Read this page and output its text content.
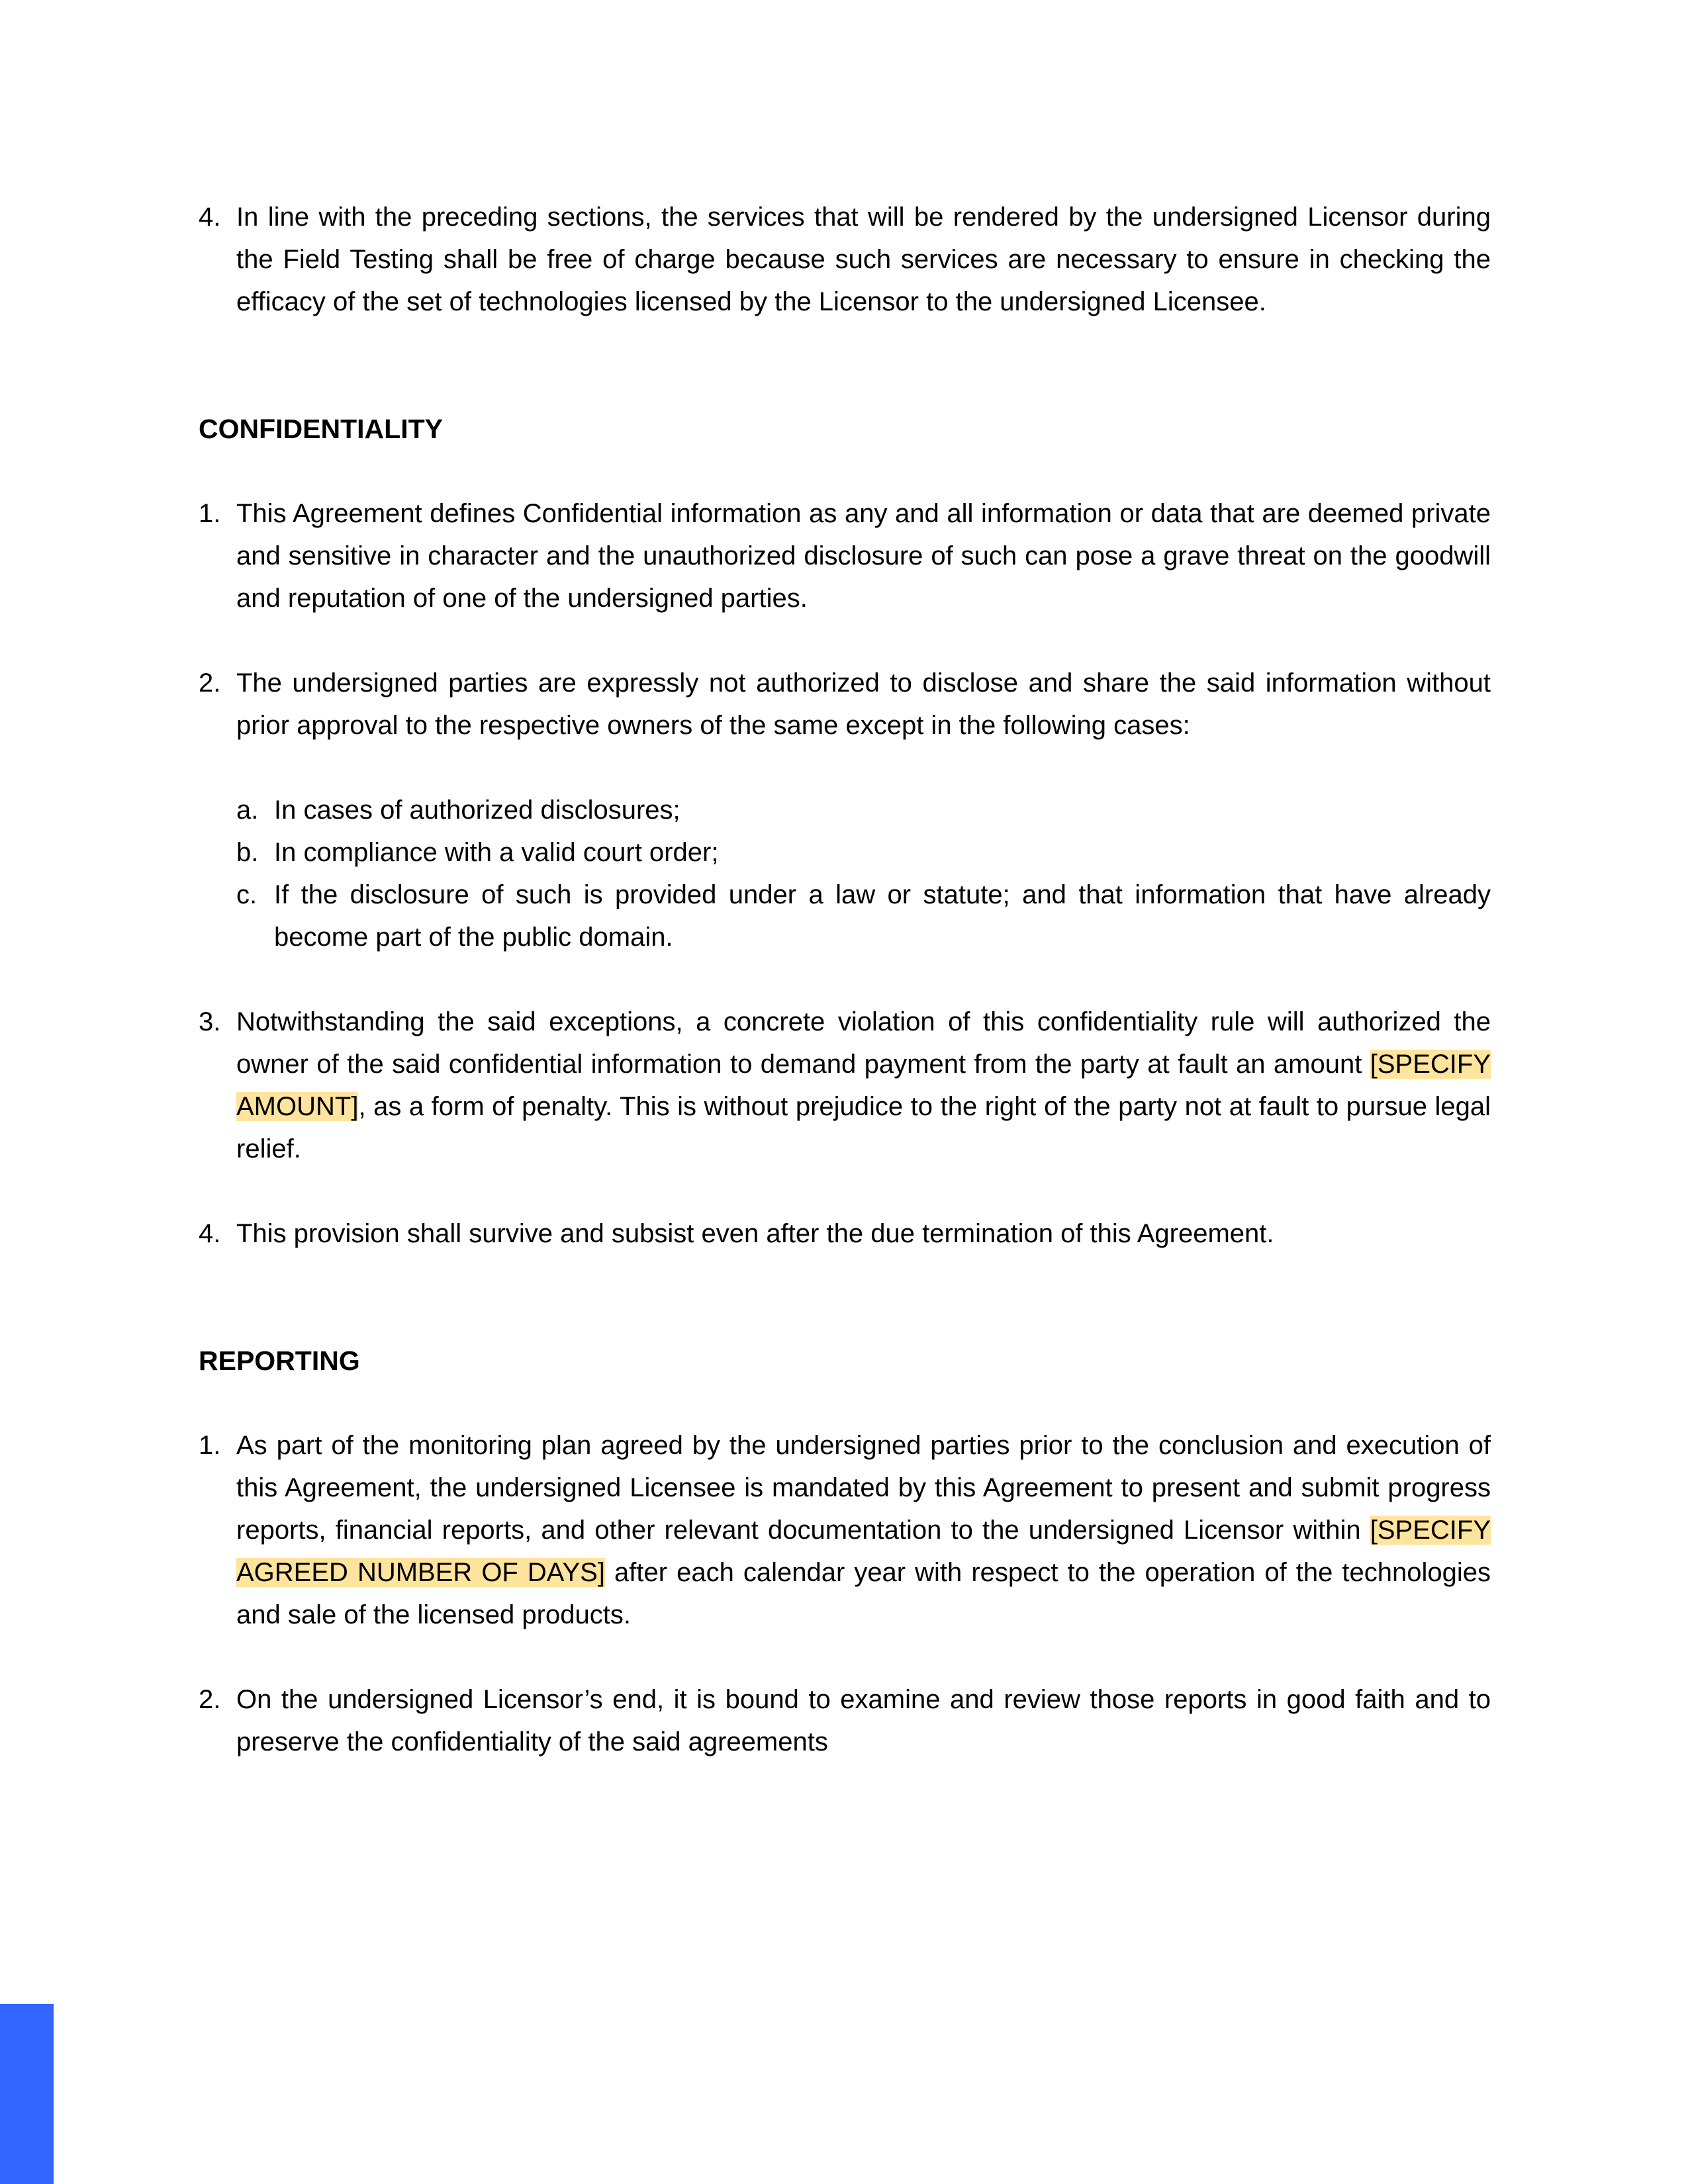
4. In line with the preceding sections, the services that will be rendered by the undersigned Licensor during the Field Testing shall be free of charge because such services are necessary to ensure in checking the efficacy of the set of technologies licensed by the Licensor to the undersigned Licensee.
CONFIDENTIALITY
1. This Agreement defines Confidential information as any and all information or data that are deemed private and sensitive in character and the unauthorized disclosure of such can pose a grave threat on the goodwill and reputation of one of the undersigned parties.
2. The undersigned parties are expressly not authorized to disclose and share the said information without prior approval to the respective owners of the same except in the following cases:
a. In cases of authorized disclosures;
b. In compliance with a valid court order;
c. If the disclosure of such is provided under a law or statute; and that information that have already become part of the public domain.
3. Notwithstanding the said exceptions, a concrete violation of this confidentiality rule will authorized the owner of the said confidential information to demand payment from the party at fault an amount [SPECIFY AMOUNT], as a form of penalty. This is without prejudice to the right of the party not at fault to pursue legal relief.
4. This provision shall survive and subsist even after the due termination of this Agreement.
REPORTING
1. As part of the monitoring plan agreed by the undersigned parties prior to the conclusion and execution of this Agreement, the undersigned Licensee is mandated by this Agreement to present and submit progress reports, financial reports, and other relevant documentation to the undersigned Licensor within [SPECIFY AGREED NUMBER OF DAYS] after each calendar year with respect to the operation of the technologies and sale of the licensed products.
2. On the undersigned Licensor’s end, it is bound to examine and review those reports in good faith and to preserve the confidentiality of the said agreements
